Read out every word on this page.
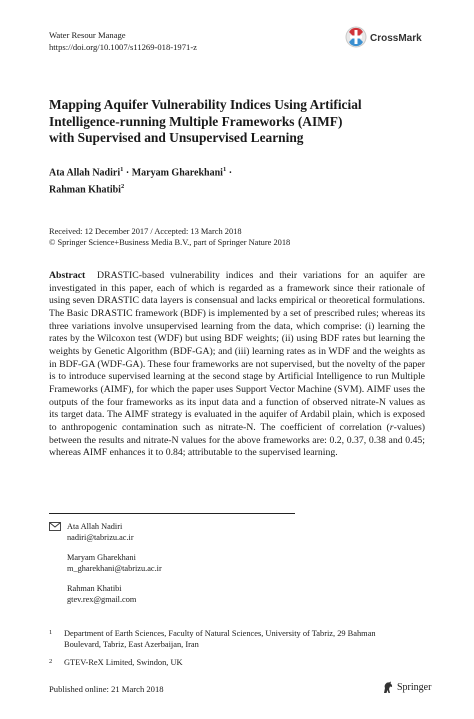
Water Resour Manage
https://doi.org/10.1007/s11269-018-1971-z
CrossMark
Mapping Aquifer Vulnerability Indices Using Artificial
Intelligence-running Multiple Frameworks (AIMF)
with Supervised and Unsupervised Learning
Ata Allah Nadiri$^1$ · Maryam Gharekhani$^1$ ·
Rahman Khatibi$^2$
Received: 12 December 2017 / Accepted: 13 March 2018
© Springer Science+Business Media B.V., part of Springer Nature 2018
Abstract DRASTIC-based vulnerability indices and their variations for an aquifer are investigated in this paper, each of which is regarded as a framework since their rationale of using seven DRASTIC data layers is consensual and lacks empirical or theoretical formulations. The Basic DRASTIC framework (BDF) is implemented by a set of prescribed rules; whereas its three variations involve unsupervised learning from the data, which comprise: (i) learning the rates by the Wilcoxon test (WDF) but using BDF weights; (ii) using BDF rates but learning the weights by Genetic Algorithm (BDF-GA); and (iii) learning rates as in WDF and the weights as in BDF-GA (WDF-GA). These four frameworks are not supervised, but the novelty of the paper is to introduce supervised learning at the second stage by Artificial Intelligence to run Multiple Frameworks (AIMF), for which the paper uses Support Vector Machine (SVM). AIMF uses the outputs of the four frameworks as its input data and a function of observed nitrate-N values as its target data. The AIMF strategy is evaluated in the aquifer of Ardabil plain, which is exposed to anthropogenic contamination such as nitrate-N. The coefficient of correlation (r-values) between the results and nitrate-N values for the above frameworks are: 0.2, 0.37, 0.38 and 0.45; whereas AIMF enhances it to 0.84; attributable to the supervised learning.
Ata Allah Nadiri
nadiri@tabrizu.ac.ir
Maryam Gharekhani
m_gharekhani@tabrizu.ac.ir
Rahman Khatibi
gtev.rex@gmail.com
1 Department of Earth Sciences, Faculty of Natural Sciences, University of Tabriz, 29 Bahman
Boulevard, Tabriz, East Azerbaijan, Iran
2 GTEV-ReX Limited, Swindon, UK
Published online: 21 March 2018	Springer
